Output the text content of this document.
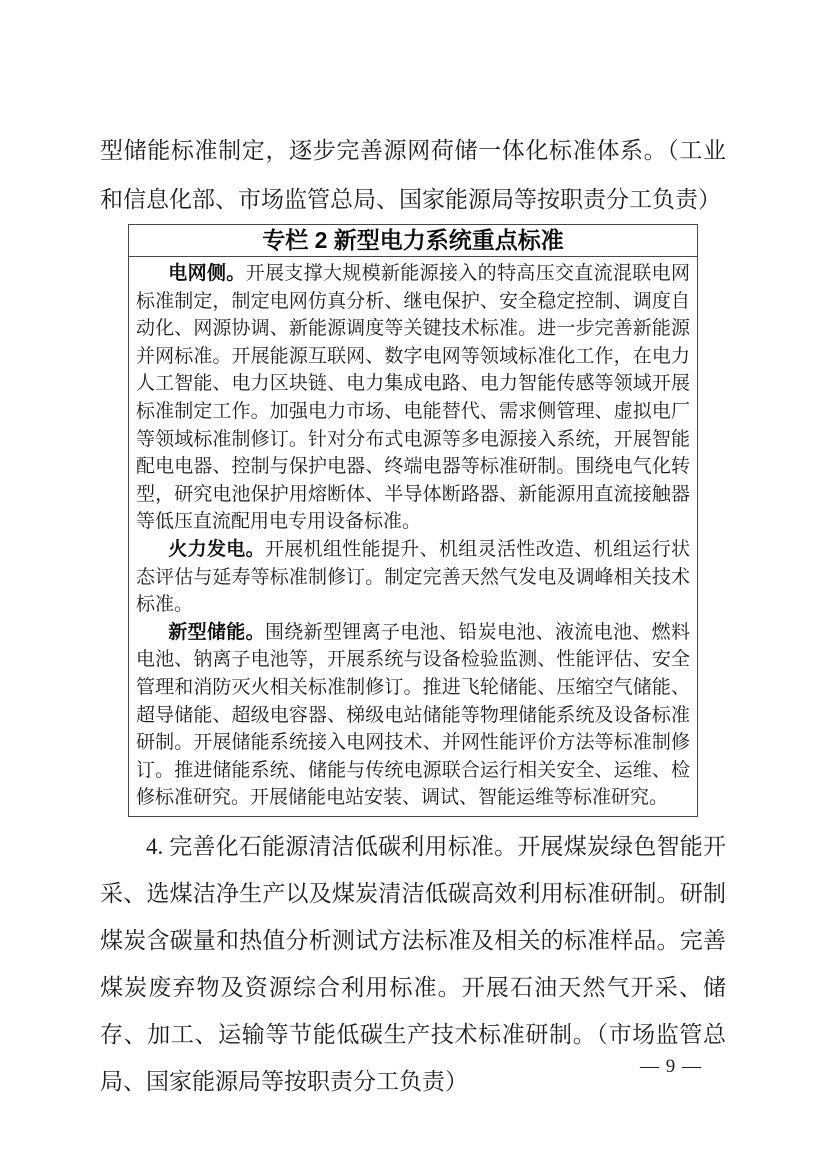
型储能标准制定，逐步完善源网荷储一体化标准体系。（工业和信息化部、市场监管总局、国家能源局等按职责分工负责）

专栏 2 新型电力系统重点标准

电网侧。开展支撑大规模新能源接入的特高压交直流混联电网标准制定，制定电网仿真分析、继电保护、安全稳定控制、调度自动化、网源协调、新能源调度等关键技术标准。进一步完善新能源并网标准。开展能源互联网、数字电网等领域标准化工作，在电力人工智能、电力区块链、电力集成电路、电力智能传感等领域开展标准制定工作。加强电力市场、电能替代、需求侧管理、虚拟电厂等领域标准制修订。针对分布式电源等多电源接入系统，开展智能配电电器、控制与保护电器、终端电器等标准研制。围绕电气化转型，研究电池保护用熔断体、半导体断路器、新能源用直流接触器等低压直流配用电专用设备标准。

火力发电。开展机组性能提升、机组灵活性改造、机组运行状态评估与延寿等标准制修订。制定完善天然气发电及调峰相关技术标准。

新型储能。围绕新型锂离子电池、铅炭电池、液流电池、燃料电池、钠离子电池等，开展系统与设备检验监测、性能评估、安全管理和消防灭火相关标准制修订。推进飞轮储能、压缩空气储能、超导储能、超级电容器、梯级电站储能等物理储能系统及设备标准研制。开展储能系统接入电网技术、并网性能评价方法等标准制修订。推进储能系统、储能与传统电源联合运行相关安全、运维、检修标准研究。开展储能电站安装、调试、智能运维等标准研究。

4. 完善化石能源清洁低碳利用标准。开展煤炭绿色智能开采、选煤洁净生产以及煤炭清洁低碳高效利用标准研制。研制煤炭含碳量和热值分析测试方法标准及相关的标准样品。完善煤炭废弃物及资源综合利用标准。开展石油天然气开采、储存、加工、运输等节能低碳生产技术标准研制。（市场监管总局、国家能源局等按职责分工负责）

— 9 —
